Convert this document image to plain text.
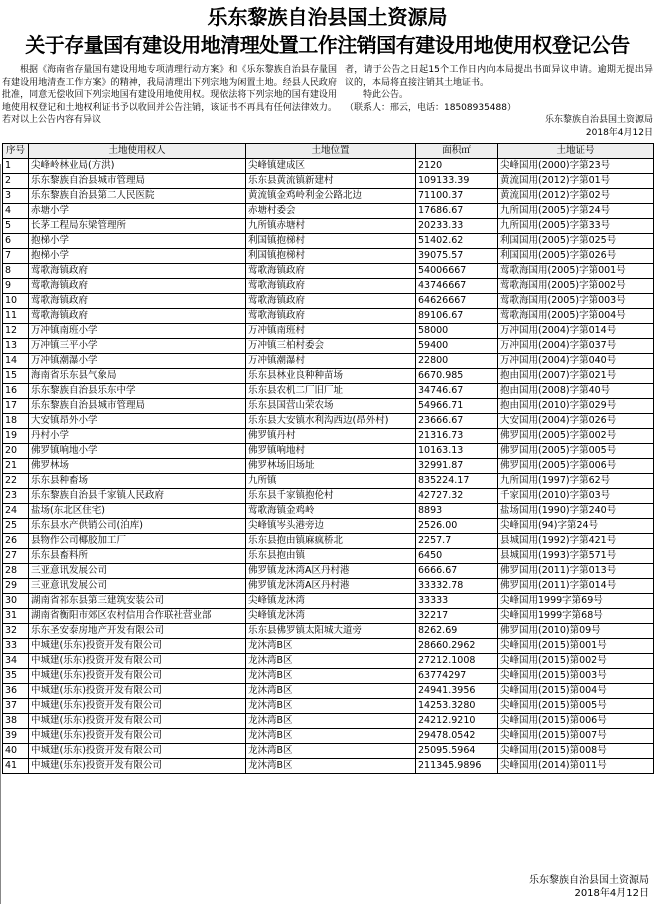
乐东黎族自治县国土资源局
关于存量国有建设用地清理处置工作注销国有建设用地使用权登记公告
根据《海南省存量国有建设用地专项清理行动方案》和《乐东黎族自治县存量国有建设用地清查工作方案》的精神，我局清理出下列宗地为闲置土地。经县人民政府批准，同意无偿收回下列宗地国有建设用地使用权。现依法将下列宗地的国有建设用地使用权登记和土地权利证书予以收回并公告注销，该证书不再具有任何法律效力。若对以上公告内容有异议

者，请于公告之日起15个工作日内向本局提出书面异议申请。逾期无提出异议的，本局将直接注销其土地证书。

特此公告。

（联系人：邢云，电话：18508935488）

乐东黎族自治县国土资源局

2018年4月12日

序号	土地使用权人	土地位置	面积㎡	土地证号
1	尖峰岭林业局(方洪)	尖峰镇建成区	2120	尖峰国用(2000)字第23号
2	乐东黎族自治县城市管理局	乐东县黄流镇新建村	109133.39	黄流国用(2012)字第01号
3	乐东黎族自治县第二人民医院	黄流镇金鸡岭利金公路北边	71100.37	黄流国用(2012)字第02号
4	赤塘小学	赤塘村委会	17686.67	九所国用(2005)字第24号
5	长茅工程局东梁管理所	九所镇赤塘村	20233.33	九所国用(2005)字第33号
6	抱梯小学	利国镇抱梯村	51402.62	利国国用(2005)字第025号
7	抱梯小学	利国镇抱梯村	39075.57	利国国用(2005)字第026号
8	莺歌海镇政府	莺歌海镇政府	54006667	莺歌海国用(2005)字第001号
9	莺歌海镇政府	莺歌海镇政府	43746667	莺歌海国用(2005)字第002号
10	莺歌海镇政府	莺歌海镇政府	64626667	莺歌海国用(2005)字第003号
11	莺歌海镇政府	莺歌海镇政府	89106.67	莺歌海国用(2005)字第004号
12	万冲镇南班小学	万冲镇南班村	58000	万冲国用(2004)字第014号
13	万冲镇三平小学	万冲镇三柏村委会	59400	万冲国用(2004)字第037号
14	万冲镇潮瀑小学	万冲镇潮瀑村	22800	万冲国用(2004)字第040号
15	海南省乐东县气象局	乐东县林业良种种苗场	6670.985	抱由国用(2007)字第021号
16	乐东黎族自治县乐东中学	乐东县农机二厂旧厂址	34746.67	抱由国用(2008)字第40号
17	乐东黎族自治县城市管理局	乐东县国营山荣农场	54966.71	抱由国用(2010)字第029号
18	大安镇昂外小学	乐东县大安镇水利沟西边(昂外村)	23666.67	大安国用(2004)字第026号
19	丹村小学	佛罗镇丹村	21316.73	佛罗国用(2005)字第002号
20	佛罗镇响地小学	佛罗镇响地村	10163.13	佛罗国用(2005)字第005号
21	佛罗林场	佛罗林场旧场址	32991.87	佛罗国用(2005)字第006号
22	乐东县种畜场	九所镇	835224.17	九所国用(1997)字第62号
23	乐东黎族自治县千家镇人民政府	乐东县千家镇抱伦村	42727.32	千家国用(2010)字第03号
24	盐场(东北区住宅)	莺歌海镇金鸡岭	8893	盐场国用(1990)字第240号
25	乐东县水产供销公司(泊库)	尖峰镇岑头港旁边	2526.00	尖峰国用(94)字第24号
26	县物作公司椰胶加工厂	乐东县抱由镇麻疯桥北	2257.7	县城国用(1992)字第421号
27	乐东县畜料所	乐东县抱由镇	6450	县城国用(1993)字第571号
28	三亚意讯发展公司	佛罗镇龙沐湾A区丹村港	6666.67	佛罗国用(2011)字第013号
29	三亚意讯发展公司	佛罗镇龙沐湾A区丹村港	33332.78	佛罗国用(2011)字第014号
30	湖南省祁东县第三建筑安装公司	尖峰镇龙沐湾	33333	尖峰国用1999字第69号
31	湖南省衡阳市郊区农村信用合作联社营业部	尖峰镇龙沐湾	32217	尖峰国用1999字第68号
32	乐东圣安泰房地产开发有限公司	乐东县佛罗镇太阳城大道旁	8262.69	佛罗国用(2010)第09号
33	中城建(乐东)投资开发有限公司	龙沐湾B区	28660.2962	尖峰国用(2015)第001号
34	中城建(乐东)投资开发有限公司	龙沐湾B区	27212.1008	尖峰国用(2015)第002号
35	中城建(乐东)投资开发有限公司	龙沐湾B区	63774297	尖峰国用(2015)第003号
36	中城建(乐东)投资开发有限公司	龙沐湾B区	24941.3956	尖峰国用(2015)第004号
37	中城建(乐东)投资开发有限公司	龙沐湾B区	14253.3280	尖峰国用(2015)第005号
38	中城建(乐东)投资开发有限公司	龙沐湾B区	24212.9210	尖峰国用(2015)第006号
39	中城建(乐东)投资开发有限公司	龙沐湾B区	29478.0542	尖峰国用(2015)第007号
40	中城建(乐东)投资开发有限公司	龙沐湾B区	25095.5964	尖峰国用(2015)第008号
41	中城建(乐东)投资开发有限公司	龙沐湾B区	211345.9896	尖峰国用(2014)第011号
乐东黎族自治县国土资源局
2018年4月12日
